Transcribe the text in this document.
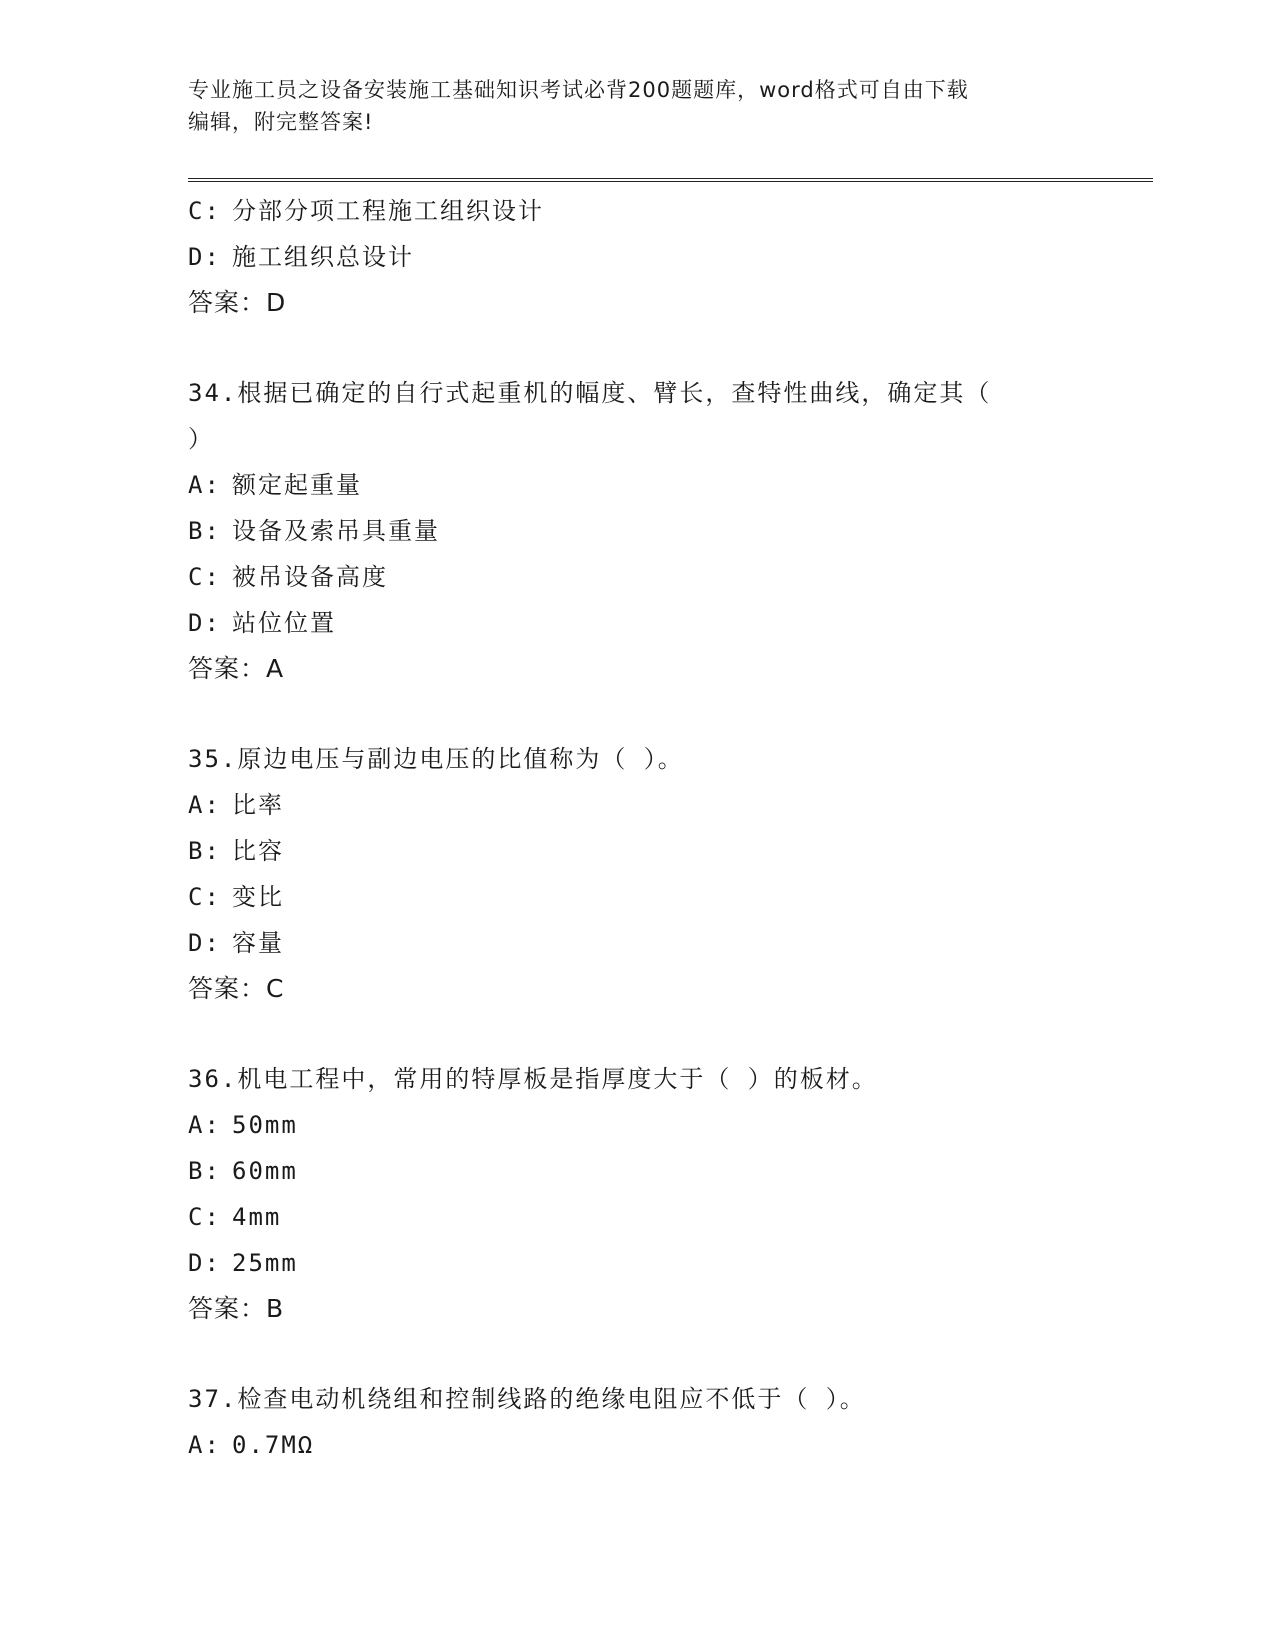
专业施工员之设备安装施工基础知识考试必背200题题库，word格式可自由下载
编辑，附完整答案!
C: 分部分项工程施工组织设计
D: 施工组织总设计
答案：D
34.根据已确定的自行式起重机的幅度、臂长，查特性曲线，确定其（
）
A: 额定起重量
B: 设备及索吊具重量
C: 被吊设备高度
D: 站位位置
答案：A
35.原边电压与副边电压的比值称为（ ）。
A: 比率
B: 比容
C: 变比
D: 容量
答案：C
36.机电工程中，常用的特厚板是指厚度大于（ ）的板材。
A: 50mm
B: 60mm
C: 4mm
D: 25mm
答案：B
37.检查电动机绕组和控制线路的绝缘电阻应不低于（ ）。
A: 0.7MΩ
